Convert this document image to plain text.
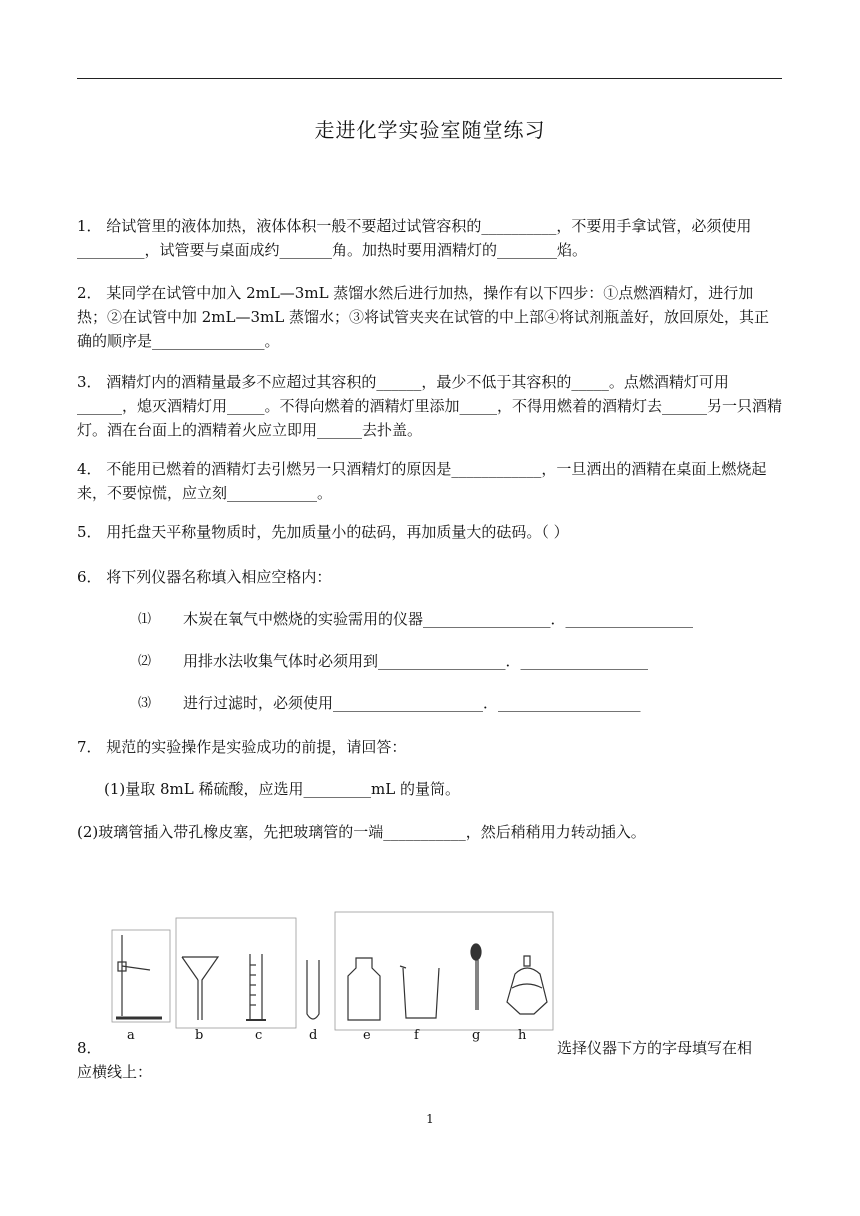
走进化学实验室随堂练习
1． 给试管里的液体加热，液体体积一般不要超过试管容积的__________，不要用手拿试管，必须使用_________，试管要与桌面成约_______角。加热时要用酒精灯的________焰。
2． 某同学在试管中加入 2mL—3mL 蒸馏水然后进行加热，操作有以下四步：①点燃酒精灯，进行加热；②在试管中加 2mL—3mL 蒸馏水；③将试管夹夹在试管的中上部④将试剂瓶盖好，放回原处，其正确的顺序是_______________。
3． 酒精灯内的酒精量最多不应超过其容积的______，最少不低于其容积的_____。点燃酒精灯可用______，熄灭酒精灯用_____。不得向燃着的酒精灯里添加_____，不得用燃着的酒精灯去______另一只酒精灯。酒在台面上的酒精着火应立即用______去扑盖。
4． 不能用已燃着的酒精灯去引燃另一只酒精灯的原因是____________，一旦洒出的酒精在桌面上燃烧起来，不要惊慌，应立刻____________。
5． 用托盘天平称量物质时，先加质量小的砝码，再加质量大的砝码。（ ）
6． 将下列仪器名称填入相应空格内：
⑴ 木炭在氧气中燃烧的实验需用的仪器_________________．_________________
⑵ 用排水法收集气体时必须用到_________________．_________________
⑶ 进行过滤时，必须使用____________________．___________________
7． 规范的实验操作是实验成功的前提，请回答：
(1)量取 8mL 稀硫酸，应选用_________mL 的量筒。
(2)玻璃管插入带孔橡皮塞，先把玻璃管的一端___________，然后稍稍用力转动插入。
a	b	c	d	e	f	g	h
8．	选择仪器下方的字母填写在相
应横线上：
1
